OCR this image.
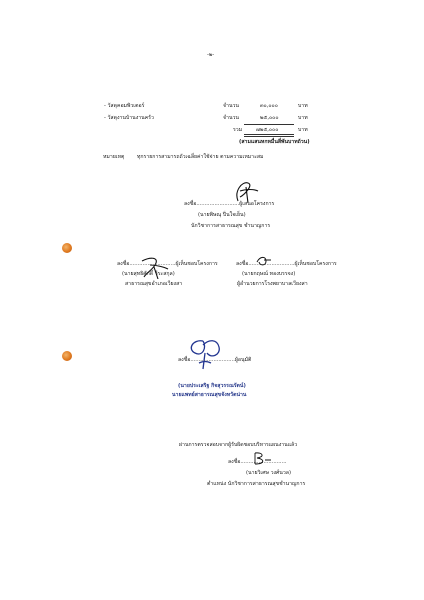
-๒-
- วัสดุคอมพิวเตอร์	จำนวน	๓๐,๐๐๐	บาท
- วัสดุงานบ้านงานครัว	จำนวน	๒๕,๐๐๐	บาท
รวม	๗๒๕,๐๐๐	บาท
(สามแสนหกหมื่นสี่พันบาทถ้วน)
หมายเหตุ ทุกรายการสามารถถัวเฉลี่ยค่าใช้จ่าย ตามความเหมาะสม
ลงชื่อ..........................ผู้เสนอโครงการ
(นายพิษณุ ปิ่นใจเย็น)
นักวิชาการสาธารณสุข ชำนาญการ
ลงชื่อ............................ผู้เห็นชอบโครงการ
(นายสุทธิศักดิ์ วีระสกุล)
สาธารณสุขอำเภอเวียงสา
ลงชื่อ............................ผู้เห็นชอบโครงการ
(นายกฤษณ์ ทองบรรจง)
ผู้อำนวยการโรงพยาบาลเวียงสา
ลงชื่อ...........................ผู้อนุมัติ
(นายประเสริฐ กิจสุวรรณรัตน์)
นายแพทย์สาธารณสุขจังหวัดน่าน
ผ่านการตรวจสอบจากผู้รับผิดชอบบริหารแผนงานแล้ว
ลงชื่อ............................
(นายวิเศษ วงศ์นวล)
ตำแหน่ง นักวิชาการสาธารณสุขชำนาญการ
